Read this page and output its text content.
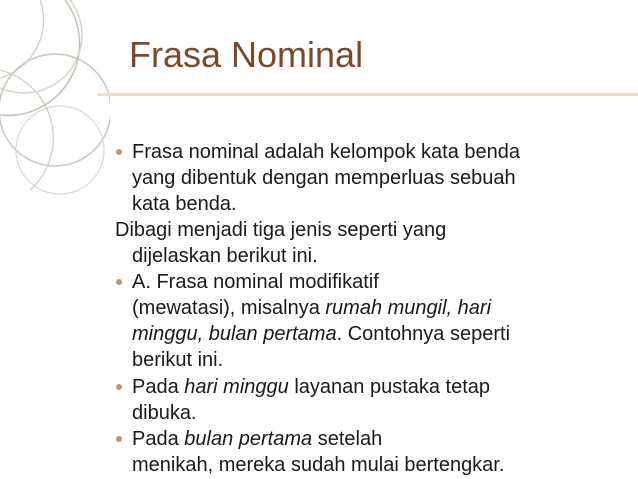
Frasa Nominal
Frasa nominal adalah kelompok kata benda
yang dibentuk dengan memperluas sebuah
kata benda.
Dibagi menjadi tiga jenis seperti yang
dijelaskan berikut ini.
A. Frasa nominal modifikatif
(mewatasi), misalnya rumah mungil, hari
minggu, bulan pertama. Contohnya seperti
berikut ini.
Pada hari minggu layanan pustaka tetap
dibuka.
Pada bulan pertama setelah
menikah, mereka sudah mulai bertengkar.
